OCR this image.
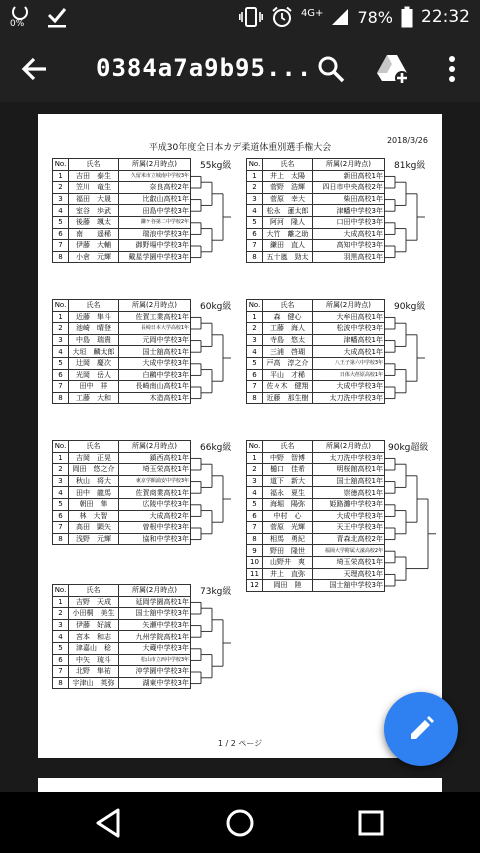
0%
4G+ 78% 22:32
0384a7a9b95...
平成30年度全日本カデ柔道体重別選手権大会
2018/3/26
1 / 2 ページ
No.	氏名	所属(2月時点)
1	吉田　泰生	久留米市立城南中学校3年
2	笠川　竜生	奈良高校2年
3	福田　大晟	比叡山高校1年
4	室谷　歩武	田島中学校3年
5	後藤　颯太	鎌ケ谷第二中学校2年
6	南　　遥稀	瑞浪中学校3年
7	伊藤　大輔	御野場中学校3年
8	小倉　元輝	戴星学園中学校3年
55kg級 No.	氏名	所属(2月時点)
1	井上　太陽	新田高校1年
2	菅野　浩輝	四日市中央高校2年
3	菅原　幸大	柴田高校1年
4	松永　蓮太郎	津幡中学校3年
5	阿河　隆人	口田中学校3年
6	大竹　離之助	大成高校1年
7	鎌田　直人	高知中学校3年
8	五十嵐　勁太	羽黒高校1年
81kg級
No.	氏名	所属(2月時点)
1	近藤　隼斗	佐賀工業高校1年
2	池崎　晴登	長崎日本大学高校1年
3	中島　瑞貴	元岡中学校3年
4	大垣　麟太郎	国士舘高校1年
5	辻岡　慶次	大成中学校3年
6	光岡　岳人	白鷗中学校3年
7	田中　祥	長崎南山高校1年
8	工藤　大和	木造高校1年
60kg級 No.	氏名	所属(2月時点)
1	森　健心	大牟田高校1年
2	工藤　海人	松波中学校3年
3	寺島　悠太	津幡高校1年
4	三浦　啓瑚	大成高校1年
5	戸高　淳之介	八王子第六中学校3年
6	平山　才稀	日体大荏原高校1年
7	佐々木　健翔	大成中学校3年
8	近藤　那生樹	太刀洗中学校3年
90kg級
No.	氏名	所属(2月時点)
1	吉岡　正晃	鎮西高校1年
2	岡田　悠之介	埼玉栄高校1年
3	秋山　将大	東京学館浦安中学校3年
4	田中　龍馬	佐賀商業高校1年
5	朝田　隼	広陵中学校3年
6	林　大智	大成高校2年
7	高田　顕矢	曽根中学校3年
8	浅野　元輝	協和中学校3年
66kg級 No.	氏名	所属(2月時点)
1	中野　智博	太刀洗中学校3年
2	樋口　佳希	明桜館高校1年
3	道下　新大	国士舘高校1年
4	福永　夏生	崇徳高校1年
5	海堀　陽弥	姫路灘中学校3年
6	中村　心	大成中学校3年
7	菅原　光輝	天王中学校3年
8	相馬　勇紀	青森北高校2年
9	野田　隆世	福岡大学附属大濠高校2年
10	山野井　爽	埼玉栄高校1年
11	井上　直弥	天理高校1年
12	岡田　陸	国士舘中学校3年
90kg超級
No.	氏名	所属(2月時点)
1	吉野　天成	延岡学園高校1年
2	小田桐　美生	国士舘中学校3年
3	伊藤　好誠	矢瀬中学校3年
4	宮本　和志	九州学院高校1年
5	津嘉山　稔	大蔵中学校3年
6	中矢　琉斗	松山市立西中学校3年
7	北野　隼祐	沖学園中学校3年
8	宇津山　英弥	湖東中学校3年
73kg級
